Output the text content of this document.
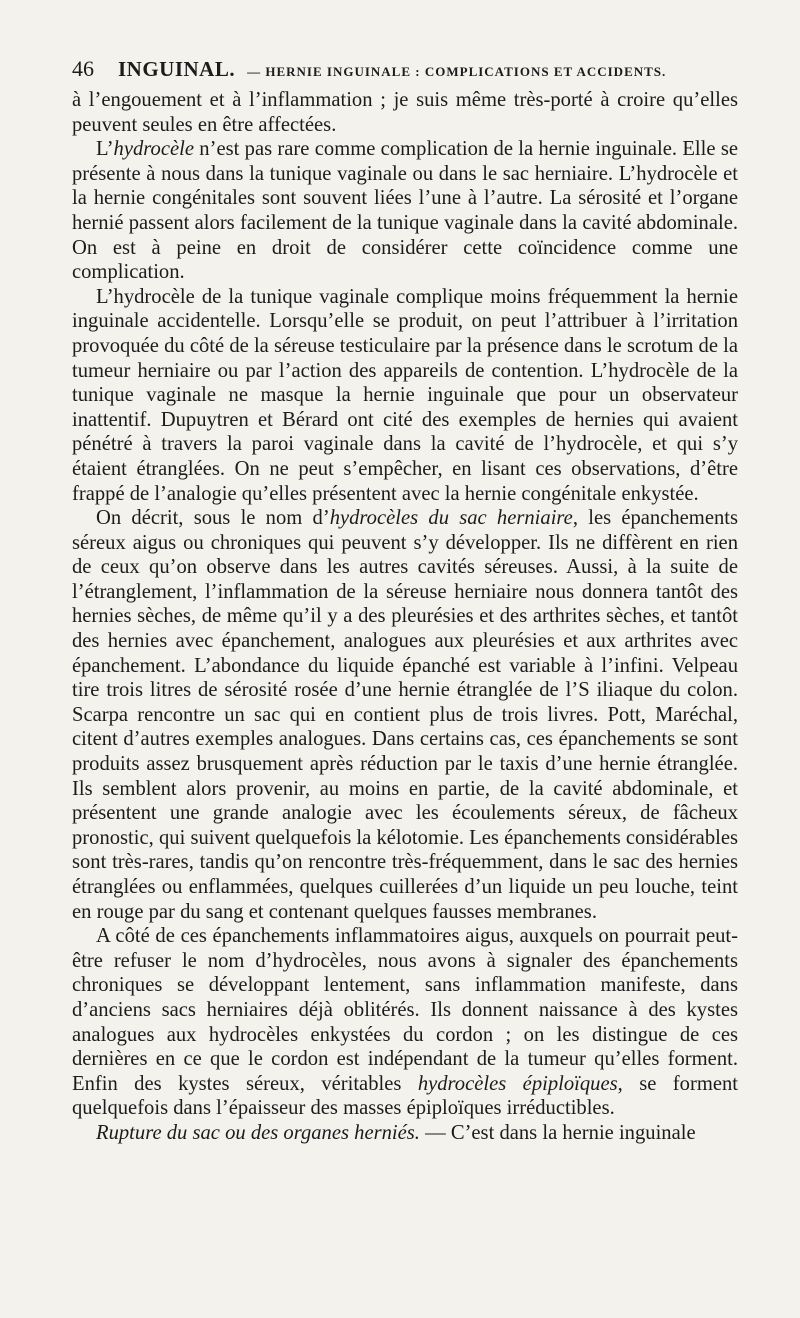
46 INGUINAL. — HERNIE INGUINALE : COMPLICATIONS ET ACCIDENTS.

à l’engouement et à l’inflammation ; je suis même très-porté à croire qu’elles peuvent seules en être affectées.

L’hydrocèle n’est pas rare comme complication de la hernie inguinale. Elle se présente à nous dans la tunique vaginale ou dans le sac herniaire. L’hydrocèle et la hernie congénitales sont souvent liées l’une à l’autre. La sérosité et l’organe hernié passent alors facilement de la tunique vaginale dans la cavité abdominale. On est à peine en droit de considérer cette coïncidence comme une complication.

L’hydrocèle de la tunique vaginale complique moins fréquemment la hernie inguinale accidentelle. Lorsqu’elle se produit, on peut l’attribuer à l’irritation provoquée du côté de la séreuse testiculaire par la présence dans le scrotum de la tumeur herniaire ou par l’action des appareils de contention. L’hydrocèle de la tunique vaginale ne masque la hernie inguinale que pour un observateur inattentif. Dupuytren et Bérard ont cité des exemples de hernies qui avaient pénétré à travers la paroi vaginale dans la cavité de l’hydrocèle, et qui s’y étaient étranglées. On ne peut s’empêcher, en lisant ces observations, d’être frappé de l’analogie qu’elles présentent avec la hernie congénitale enkystée.

On décrit, sous le nom d’hydrocèles du sac herniaire, les épanchements séreux aigus ou chroniques qui peuvent s’y développer. Ils ne diffèrent en rien de ceux qu’on observe dans les autres cavités séreuses. Aussi, à la suite de l’étranglement, l’inflammation de la séreuse herniaire nous donnera tantôt des hernies sèches, de même qu’il y a des pleurésies et des arthrites sèches, et tantôt des hernies avec épanchement, analogues aux pleurésies et aux arthrites avec épanchement. L’abondance du liquide épanché est variable à l’infini. Velpeau tire trois litres de sérosité rosée d’une hernie étranglée de l’S iliaque du colon. Scarpa rencontre un sac qui en contient plus de trois livres. Pott, Maréchal, citent d’autres exemples analogues. Dans certains cas, ces épanchements se sont produits assez brusquement après réduction par le taxis d’une hernie étranglée. Ils semblent alors provenir, au moins en partie, de la cavité abdominale, et présentent une grande analogie avec les écoulements séreux, de fâcheux pronostic, qui suivent quelquefois la kélotomie. Les épanchements considérables sont très-rares, tandis qu’on rencontre très-fréquemment, dans le sac des hernies étranglées ou enflammées, quelques cuillerées d’un liquide un peu louche, teint en rouge par du sang et contenant quelques fausses membranes.

A côté de ces épanchements inflammatoires aigus, auxquels on pourrait peut-être refuser le nom d’hydrocèles, nous avons à signaler des épanchements chroniques se développant lentement, sans inflammation manifeste, dans d’anciens sacs herniaires déjà oblitérés. Ils donnent naissance à des kystes analogues aux hydrocèles enkystées du cordon ; on les distingue de ces dernières en ce que le cordon est indépendant de la tumeur qu’elles forment. Enfin des kystes séreux, véritables hydrocèles épiploïques, se forment quelquefois dans l’épaisseur des masses épiploïques irréductibles.

Rupture du sac ou des organes herniés. — C’est dans la hernie inguinale
